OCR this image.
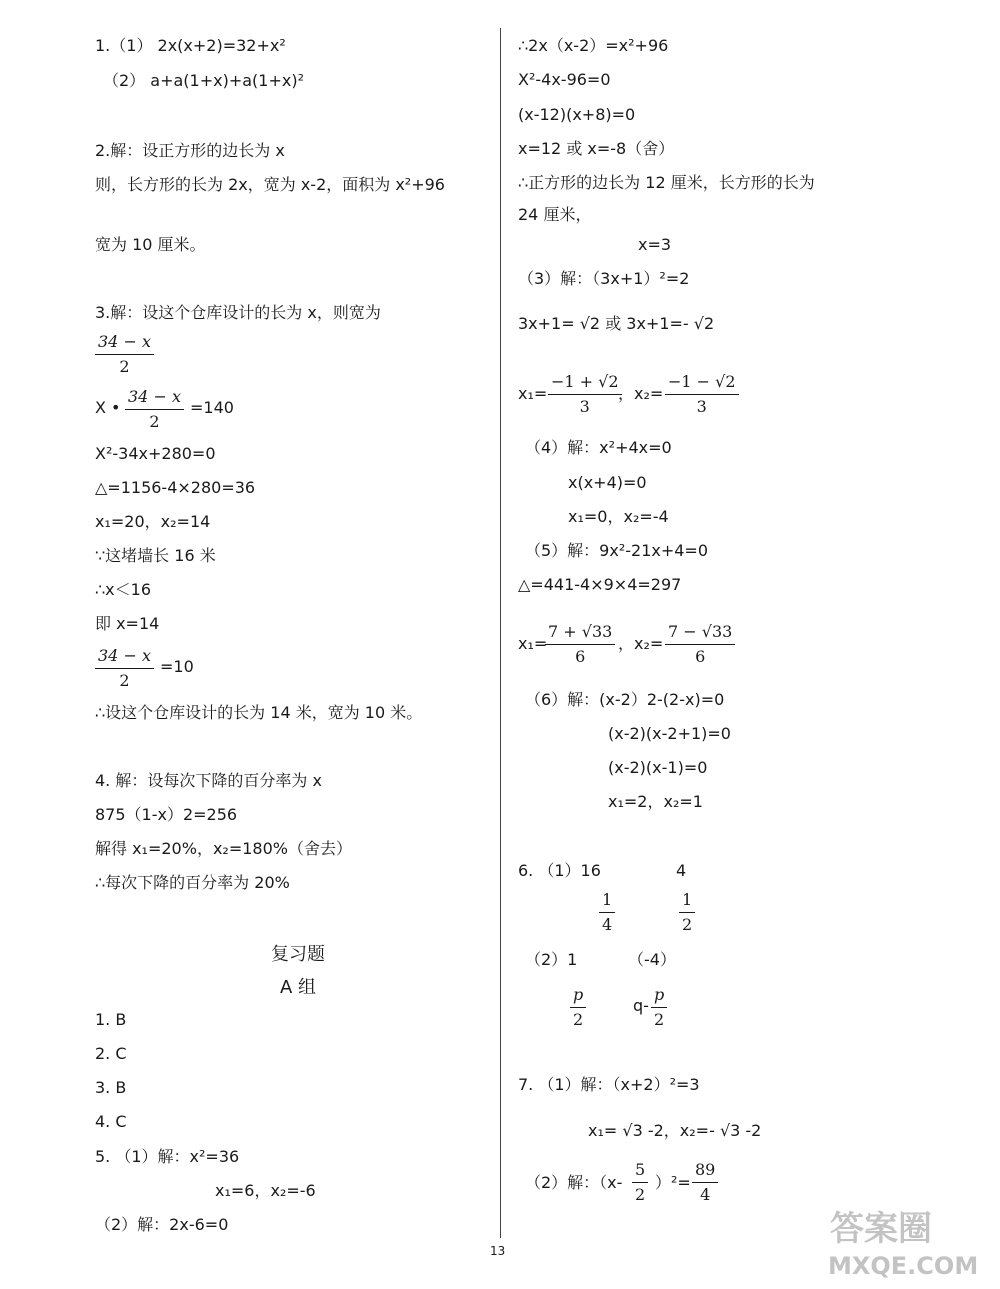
1.（1） 2x(x+2)=32+x²
（2） a+a(1+x)+a(1+x)²
2.解：设正方形的边长为 x
则，长方形的长为 2x，宽为 x-2，面积为 x²+96
宽为 10 厘米。
3.解：设这个仓库设计的长为 x，则宽为
$\frac{34 - x}{2}$
X • $\frac{34 - x}{2} =140$
X²-34x+280=0
△=1156-4×280=36
x₁=20，x₂=14
∵这堵墙长 16 米
∴x＜16
即 x=14
$\frac{34 - x}{2} =10$
∴设这个仓库设计的长为 14 米，宽为 10 米。
4. 解：设每次下降的百分率为 x
875（1-x）2=256
解得 x₁=20%，x₂=180%（舍去）
∴每次下降的百分率为 20%
复习题
A 组
1. B
2. C
3. B
4. C
5. （1）解：x²=36
x₁=6，x₂=-6
（2）解：2x-6=0
∴2x（x-2）=x²+96
X²-4x-96=0
(x-12)(x+8)=0
x=12 或 x=-8（舍）
∴正方形的边长为 12 厘米，长方形的长为
24 厘米，
x=3
（3）解：（3x+1）²=2
3x+1= √2 或 3x+1=- √2
$x_1= \frac{-1 + √2}{3}$
，$x_2= \frac{-1 - √2}{3}$
（4）解：x²+4x=0
x(x+4)=0
x₁=0，x₂=-4
（5）解：9x²-21x+4=0
△=441-4×9×4=297
x₁=
$\frac{7 + √33}{6}$ ，$x_2= \frac{7 - √33}{6}$
（6）解：(x-2）2-(2-x)=0
(x-2)(x-2+1)=0
(x-2)(x-1)=0
x₁=2，x₂=1
6. （1）16	4
$\frac{1}{4}$	$\frac{1}{2}$
（2）1	（-4）
$\frac{p}{2}$	$q- \frac{p}{2}$
7. （1）解：（x+2）²=3
x₁= √3 -2，x₂=- √3 -2
（2）解：$(x- \frac{5}{2} )^2= \frac{89}{4}$
13
答案圈
MXQE.COM
